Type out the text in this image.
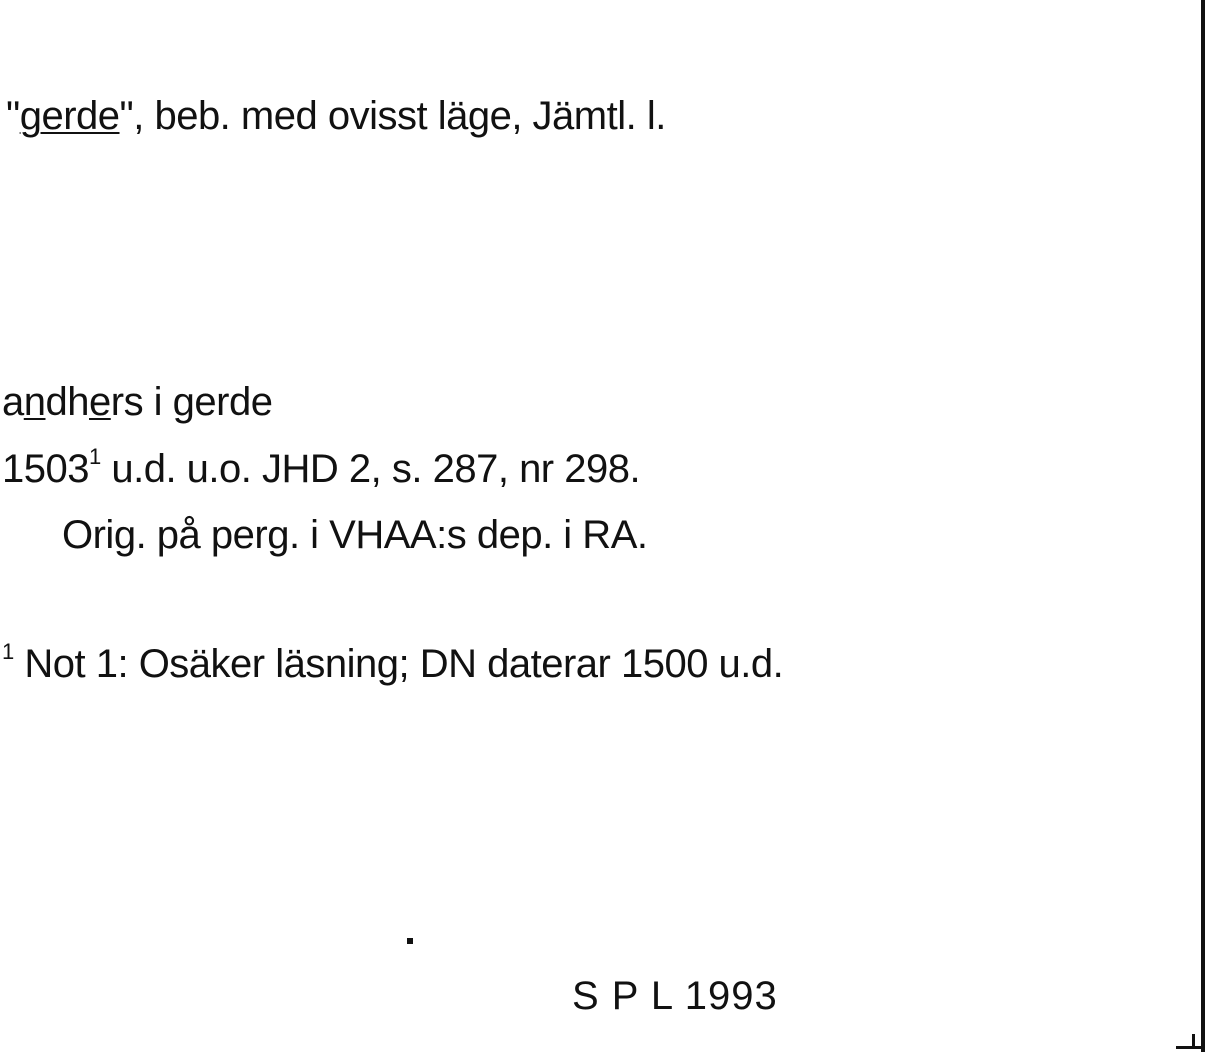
"gerde", beb. med ovisst läge, Jämtl. l.
andhers i gerde
1503$^1$ u.d. u.o. JHD 2, s. 287, nr 298.
Orig. på perg. i VHAA:s dep. i RA.
$^1$ Not 1: Osäker läsning; DN daterar 1500 u.d.
S P L 1993
